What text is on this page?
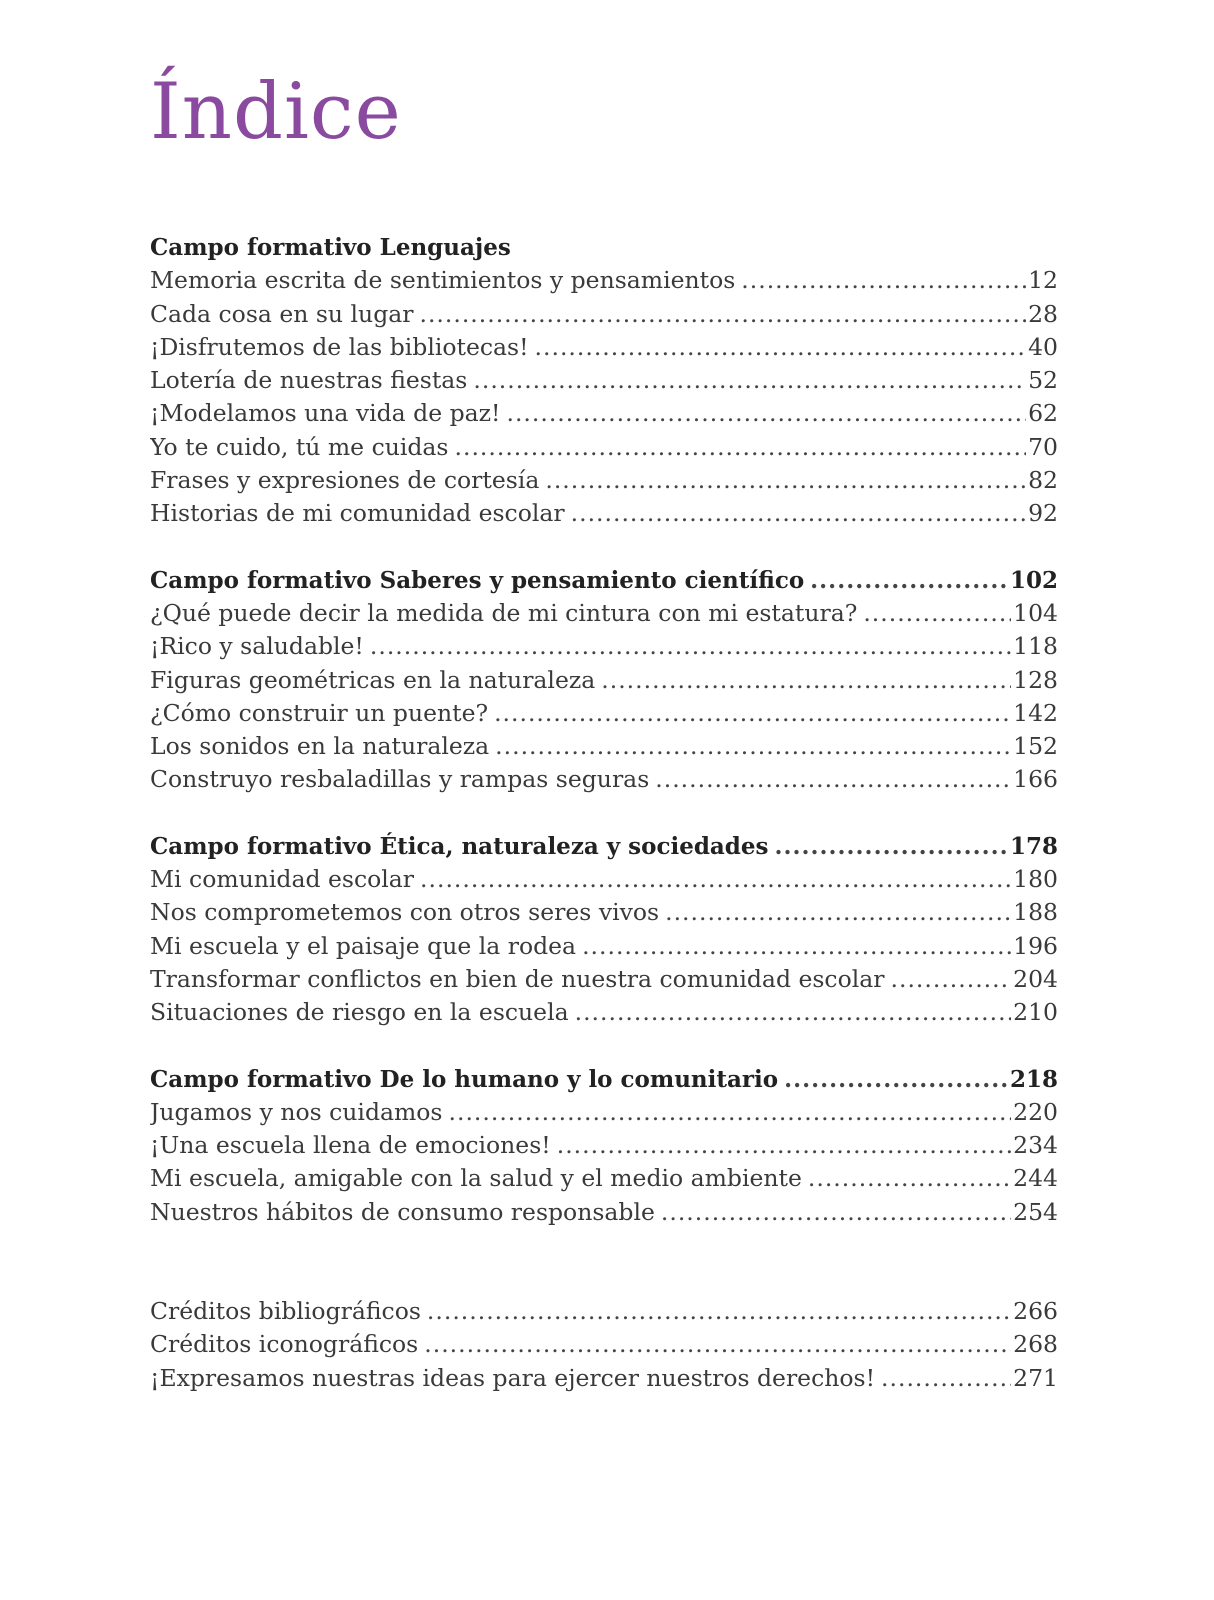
Índice
Campo formativo Lenguajes
Memoria escrita de sentimientos y pensamientos .....	12
Cada cosa en su lugar .....	28
¡Disfrutemos de las bibliotecas! .....	40
Lotería de nuestras fiestas .....	52
¡Modelamos una vida de paz! .....	62
Yo te cuido, tú me cuidas .....	70
Frases y expresiones de cortesía .....	82
Historias de mi comunidad escolar .....	92
Campo formativo Saberes y pensamiento científico .....	102
¿Qué puede decir la medida de mi cintura con mi estatura? .....	104
¡Rico y saludable! .....	118
Figuras geométricas en la naturaleza .....	128
¿Cómo construir un puente? .....	142
Los sonidos en la naturaleza .....	152
Construyo resbaladillas y rampas seguras .....	166
Campo formativo Ética, naturaleza y sociedades .....	178
Mi comunidad escolar .....	180
Nos comprometemos con otros seres vivos .....	188
Mi escuela y el paisaje que la rodea .....	196
Transformar conflictos en bien de nuestra comunidad escolar .....	204
Situaciones de riesgo en la escuela .....	210
Campo formativo De lo humano y lo comunitario .....	218
Jugamos y nos cuidamos .....	220
¡Una escuela llena de emociones! .....	234
Mi escuela, amigable con la salud y el medio ambiente .....	244
Nuestros hábitos de consumo responsable .....	254
Créditos bibliográficos .....	266
Créditos iconográficos .....	268
¡Expresamos nuestras ideas para ejercer nuestros derechos! .....	271
